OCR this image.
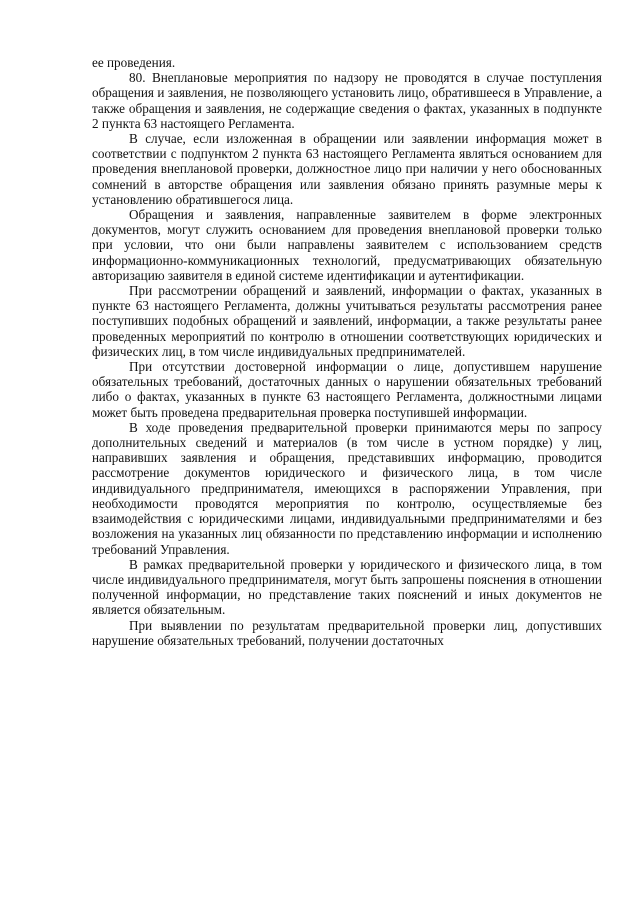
ее проведения.

80. Внеплановые мероприятия по надзору не проводятся в случае поступления обращения и заявления, не позволяющего установить лицо, обратившееся в Управление, а также обращения и заявления, не содержащие сведения о фактах, указанных в подпункте 2 пункта 63 настоящего Регламента.

В случае, если изложенная в обращении или заявлении информация может в соответствии с подпунктом 2 пункта 63 настоящего Регламента являться основанием для проведения внеплановой проверки, должностное лицо при наличии у него обоснованных сомнений в авторстве обращения или заявления обязано принять разумные меры к установлению обратившегося лица.

Обращения и заявления, направленные заявителем в форме электронных документов, могут служить основанием для проведения внеплановой проверки только при условии, что они были направлены заявителем с использованием средств информационно-коммуникационных технологий, предусматривающих обязательную авторизацию заявителя в единой системе идентификации и аутентификации.

При рассмотрении обращений и заявлений, информации о фактах, указанных в пункте 63 настоящего Регламента, должны учитываться результаты рассмотрения ранее поступивших подобных обращений и заявлений, информации, а также результаты ранее проведенных мероприятий по контролю в отношении соответствующих юридических и физических лиц, в том числе индивидуальных предпринимателей.

При отсутствии достоверной информации о лице, допустившем нарушение обязательных требований, достаточных данных о нарушении обязательных требований либо о фактах, указанных в пункте 63 настоящего Регламента, должностными лицами может быть проведена предварительная проверка поступившей информации.

В ходе проведения предварительной проверки принимаются меры по запросу дополнительных сведений и материалов (в том числе в устном порядке) у лиц, направивших заявления и обращения, представивших информацию, проводится рассмотрение документов юридического и физического лица, в том числе индивидуального предпринимателя, имеющихся в распоряжении Управления, при необходимости проводятся мероприятия по контролю, осуществляемые без взаимодействия с юридическими лицами, индивидуальными предпринимателями и без возложения на указанных лиц обязанности по представлению информации и исполнению требований Управления.

В рамках предварительной проверки у юридического и физического лица, в том числе индивидуального предпринимателя, могут быть запрошены пояснения в отношении полученной информации, но представление таких пояснений и иных документов не является обязательным.

При выявлении по результатам предварительной проверки лиц, допустивших нарушение обязательных требований, получении достаточных
